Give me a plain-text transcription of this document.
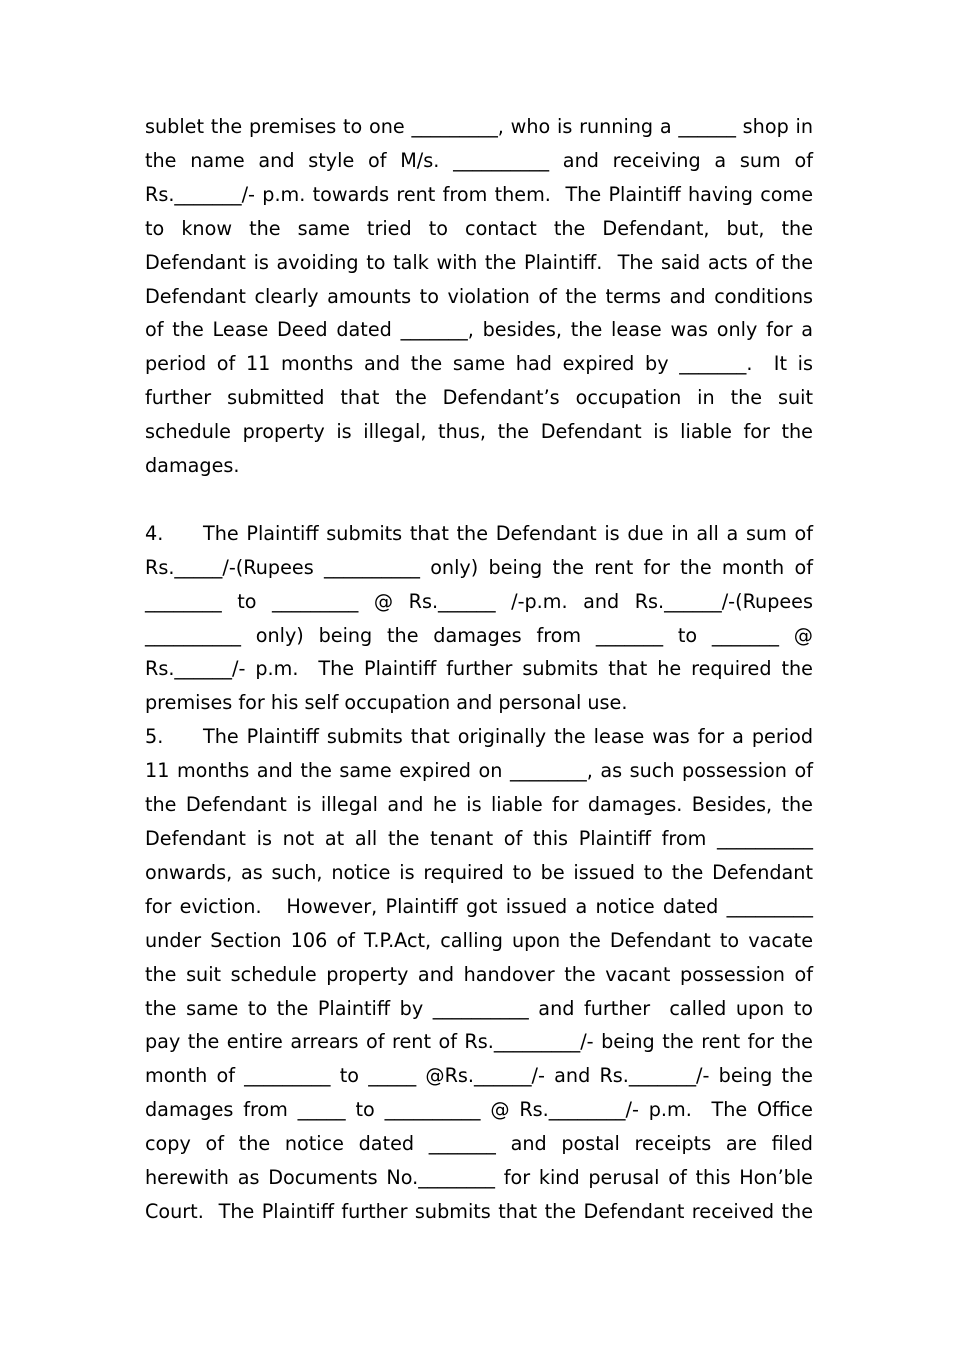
sublet the premises to one _________, who is running a ______ shop in
the name and style of M/s. __________ and receiving a sum of
Rs._______/- p.m. towards rent from them.  The Plaintiff having come
to know the same tried to contact the Defendant, but, the
Defendant is avoiding to talk with the Plaintiff.  The said acts of the
Defendant clearly amounts to violation of the terms and conditions
of the Lease Deed dated _______, besides, the lease was only for a
period of 11 months and the same had expired by _______.  It is
further submitted that the Defendant’s occupation in the suit
schedule property is illegal, thus, the Defendant is liable for the
damages.
4. The Plaintiff submits that the Defendant is due in all a sum of
Rs._____/-(Rupees __________ only) being the rent for the month of
________ to _________ @ Rs.______ /-p.m. and Rs.______/-(Rupees
__________ only) being the damages from _______ to _______ @
Rs.______/- p.m.  The Plaintiff further submits that he required the
premises for his self occupation and personal use.
5. The Plaintiff submits that originally the lease was for a period
11 months and the same expired on ________, as such possession of
the Defendant is illegal and he is liable for damages. Besides, the
Defendant is not at all the tenant of this Plaintiff from __________
onwards, as such, notice is required to be issued to the Defendant
for eviction.   However, Plaintiff got issued a notice dated _________
under Section 106 of T.P.Act, calling upon the Defendant to vacate
the suit schedule property and handover the vacant possession of
the same to the Plaintiff by __________ and further  called upon to
pay the entire arrears of rent of Rs._________/- being the rent for the
month of _________ to _____ @Rs.______/- and Rs._______/- being the
damages from _____ to __________ @ Rs.________/- p.m.  The Office
copy of the notice dated _______ and postal receipts are filed
herewith as Documents No.________ for kind perusal of this Hon’ble
Court.  The Plaintiff further submits that the Defendant received the
